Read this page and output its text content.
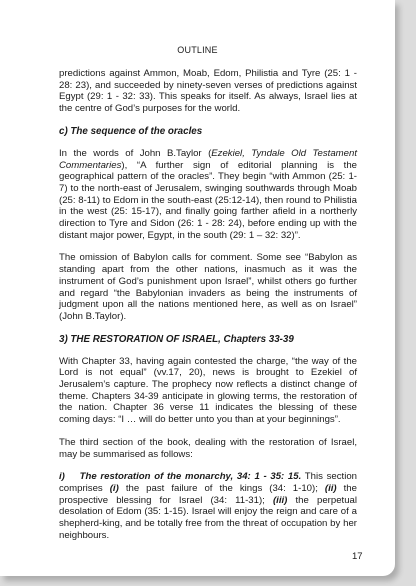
OUTLINE

predictions against Ammon, Moab, Edom, Philistia and Tyre (25: 1 - 28: 23), and succeeded by ninety-seven verses of predictions against Egypt (29: 1 - 32: 33). This speaks for itself. As always, Israel lies at the centre of God’s purposes for the world.

c) The sequence of the oracles

In the words of John B.Taylor (Ezekiel, Tyndale Old Testament Commentaries), “A further sign of editorial planning is the geographical pattern of the oracles”. They begin “with Ammon (25: 1-7) to the north-east of Jerusalem, swinging southwards through Moab (25: 8-11) to Edom in the south-east (25:12-14), then round to Philistia in the west (25: 15-17), and finally going farther afield in a northerly direction to Tyre and Sidon (26: 1 - 28: 24), before ending up with the distant major power, Egypt, in the south (29: 1 – 32: 32)”.

The omission of Babylon calls for comment. Some see “Babylon as standing apart from the other nations, inasmuch as it was the instrument of God’s punishment upon Israel”, whilst others go further and regard “the Babylonian invaders as being the instruments of judgment upon all the nations mentioned here, as well as on Israel” (John B.Taylor).

3) THE RESTORATION OF ISRAEL, Chapters 33-39

With Chapter 33, having again contested the charge, “the way of the Lord is not equal” (vv.17, 20), news is brought to Ezekiel of Jerusalem’s capture. The prophecy now reflects a distinct change of theme. Chapters 34-39 anticipate in glowing terms, the restoration of the nation. Chapter 36 verse 11 indicates the blessing of these coming days: “I … will do better unto you than at your beginnings”.

The third section of the book, dealing with the restoration of Israel, may be summarised as follows:

i) The restoration of the monarchy, 34: 1 - 35: 15. This section comprises (i) the past failure of the kings (34: 1-10); (ii) the prospective blessing for Israel (34: 11-31); (iii) the perpetual desolation of Edom (35: 1-15). Israel will enjoy the reign and care of a shepherd-king, and be totally free from the threat of occupation by her neighbours.

17
